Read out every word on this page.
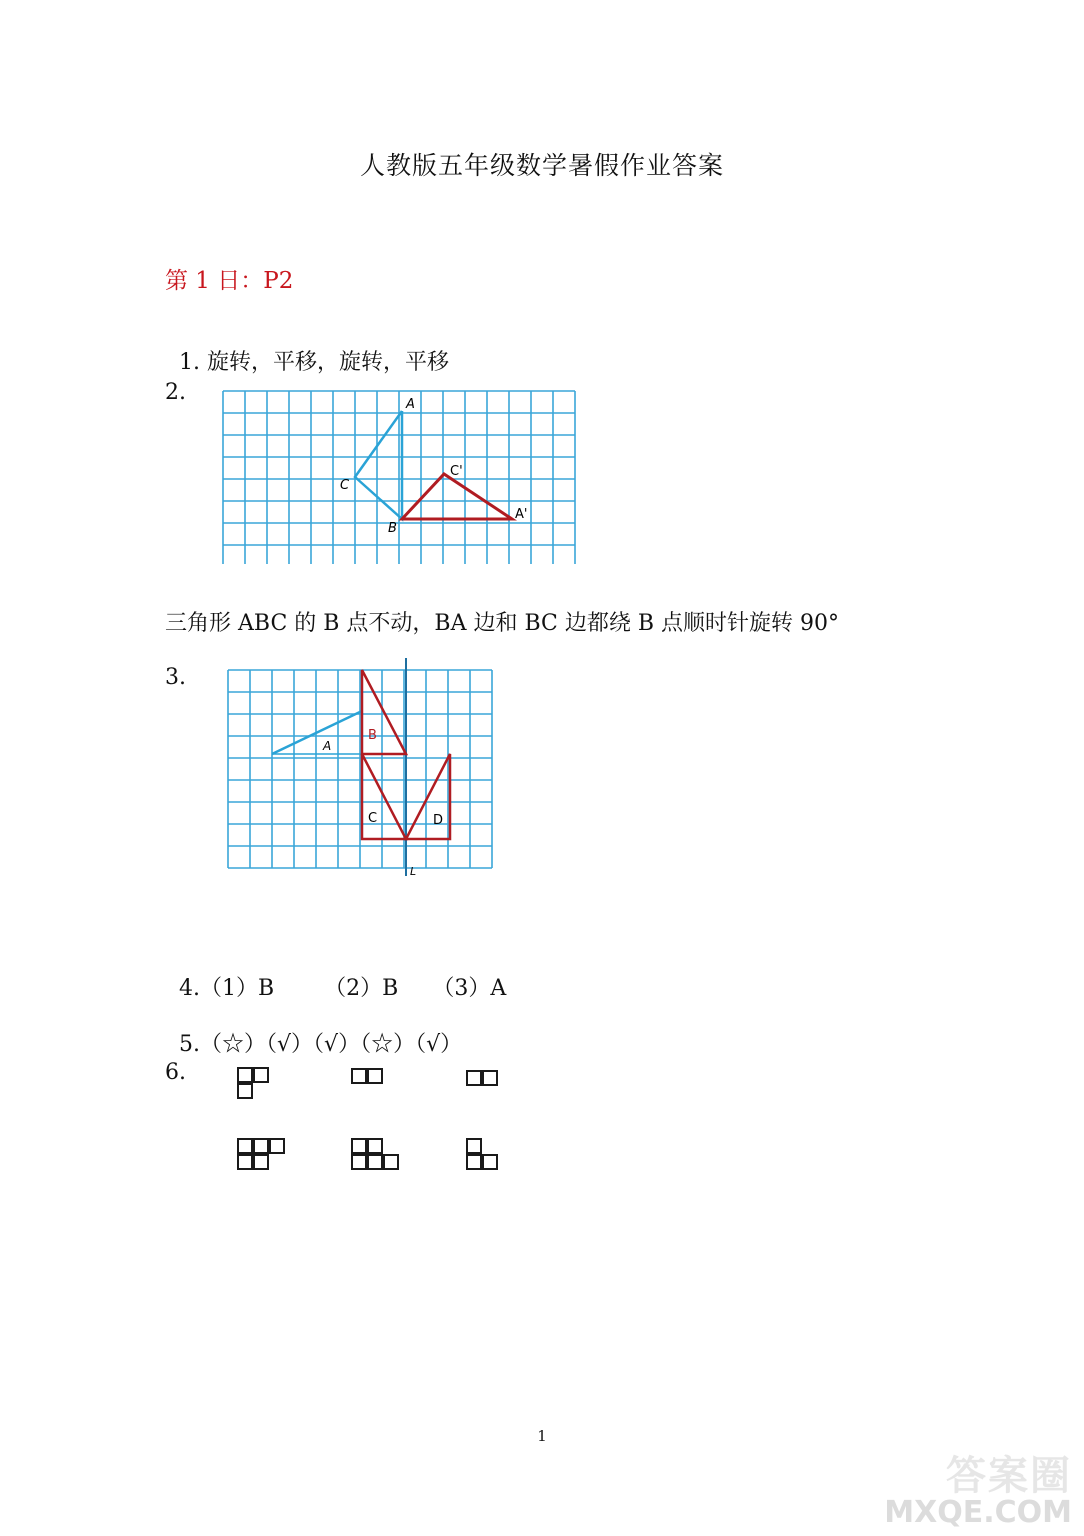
人教版五年级数学暑假作业答案
第 1 日：P2

1. 旋转，平移，旋转，平移

2.	A
C
B
C'
A'
三角形 ABC 的 B 点不动，BA 边和 BC 边都绕 B 点顺时针旋转 90°
3.
A
B
C	D
L

4.（1）B （2）B （3）A

5.（☆）（√）（√）（☆）（√）

6.
1
答案圈
MXQE.COM
